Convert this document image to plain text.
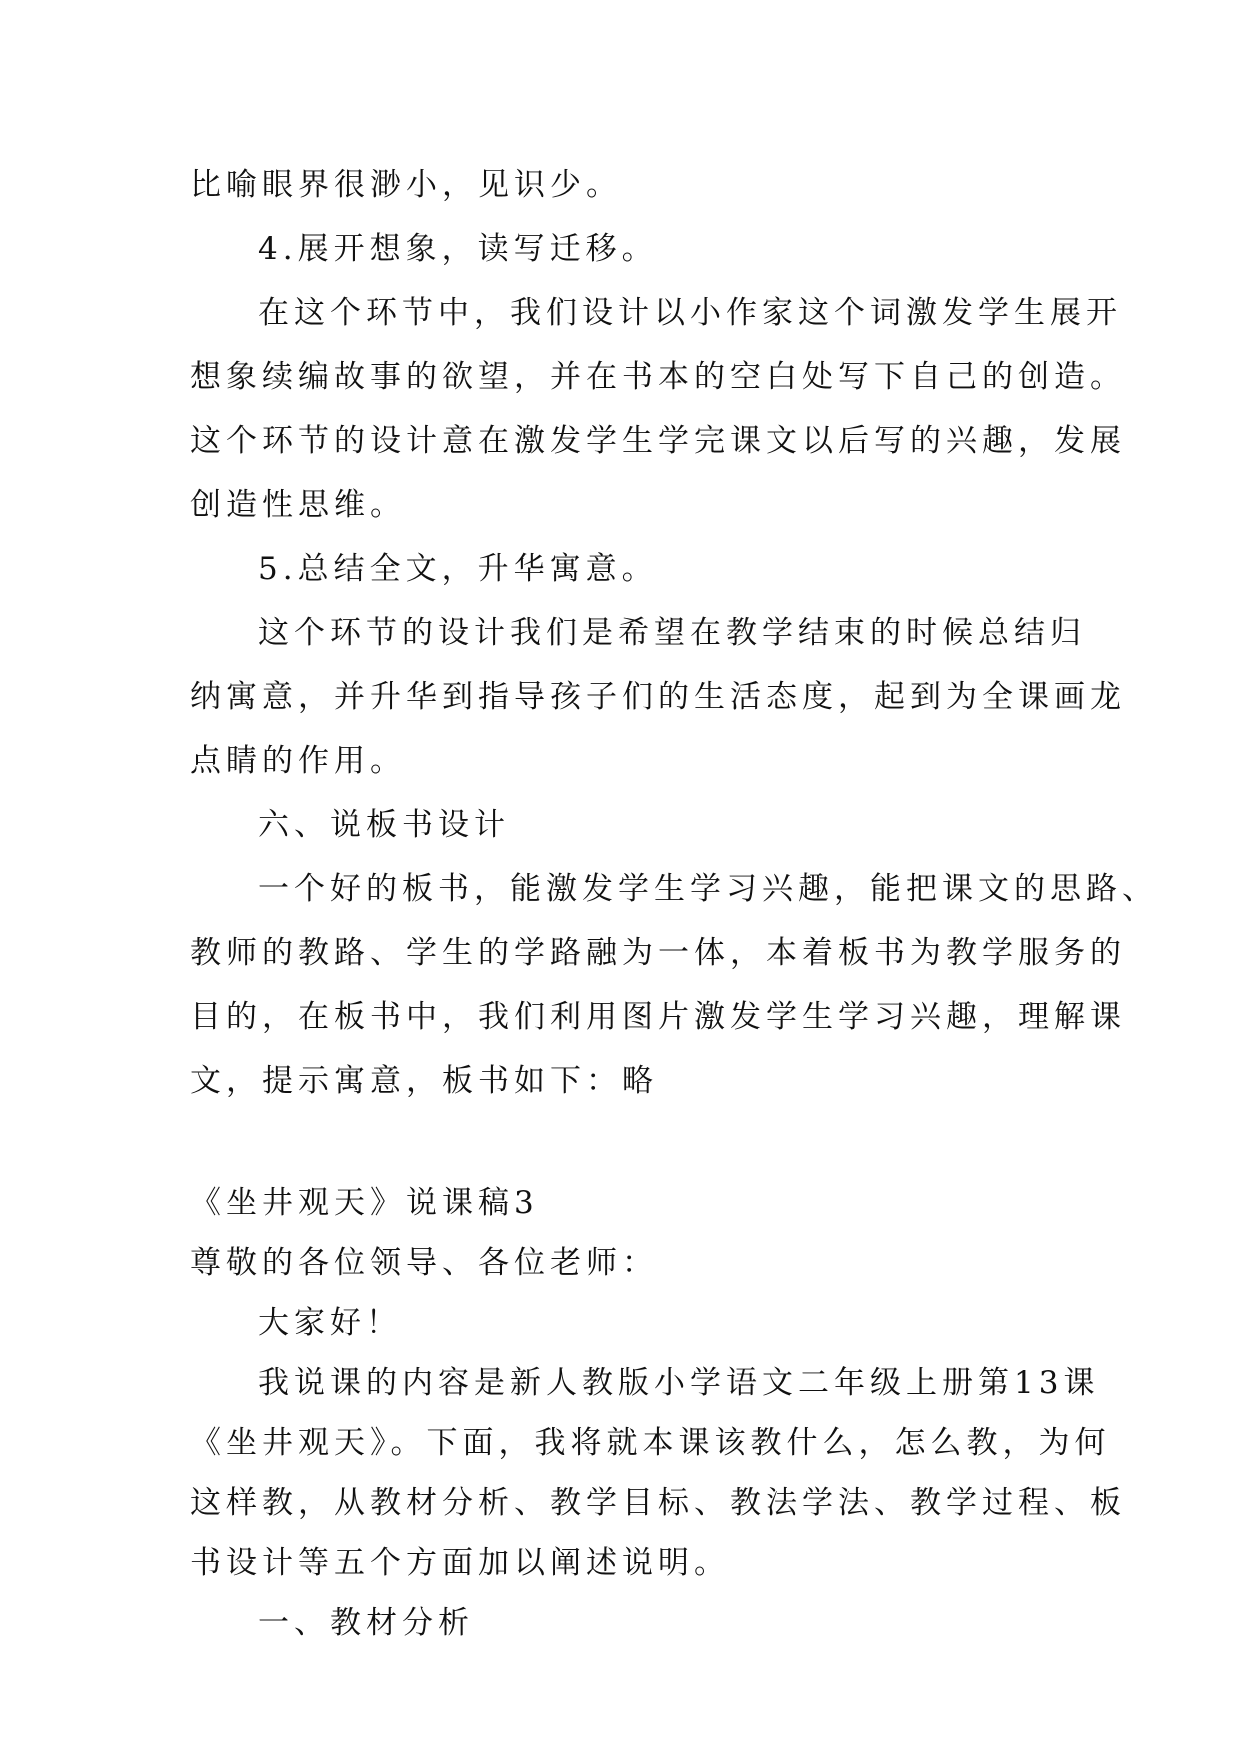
比喻眼界很渺小，见识少。
4.展开想象，读写迁移。
在这个环节中，我们设计以小作家这个词激发学生展开
想象续编故事的欲望，并在书本的空白处写下自己的创造。
这个环节的设计意在激发学生学完课文以后写的兴趣，发展
创造性思维。
5.总结全文，升华寓意。
这个环节的设计我们是希望在教学结束的时候总结归
纳寓意，并升华到指导孩子们的生活态度，起到为全课画龙
点睛的作用。
六、说板书设计
一个好的板书，能激发学生学习兴趣，能把课文的思路、
教师的教路、学生的学路融为一体，本着板书为教学服务的
目的，在板书中，我们利用图片激发学生学习兴趣，理解课
文，提示寓意，板书如下：略
《坐井观天》说课稿3
尊敬的各位领导、各位老师：
大家好！
我说课的内容是新人教版小学语文二年级上册第13课
《坐井观天》。下面，我将就本课该教什么，怎么教，为何
这样教，从教材分析、教学目标、教法学法、教学过程、板
书设计等五个方面加以阐述说明。
一、教材分析
